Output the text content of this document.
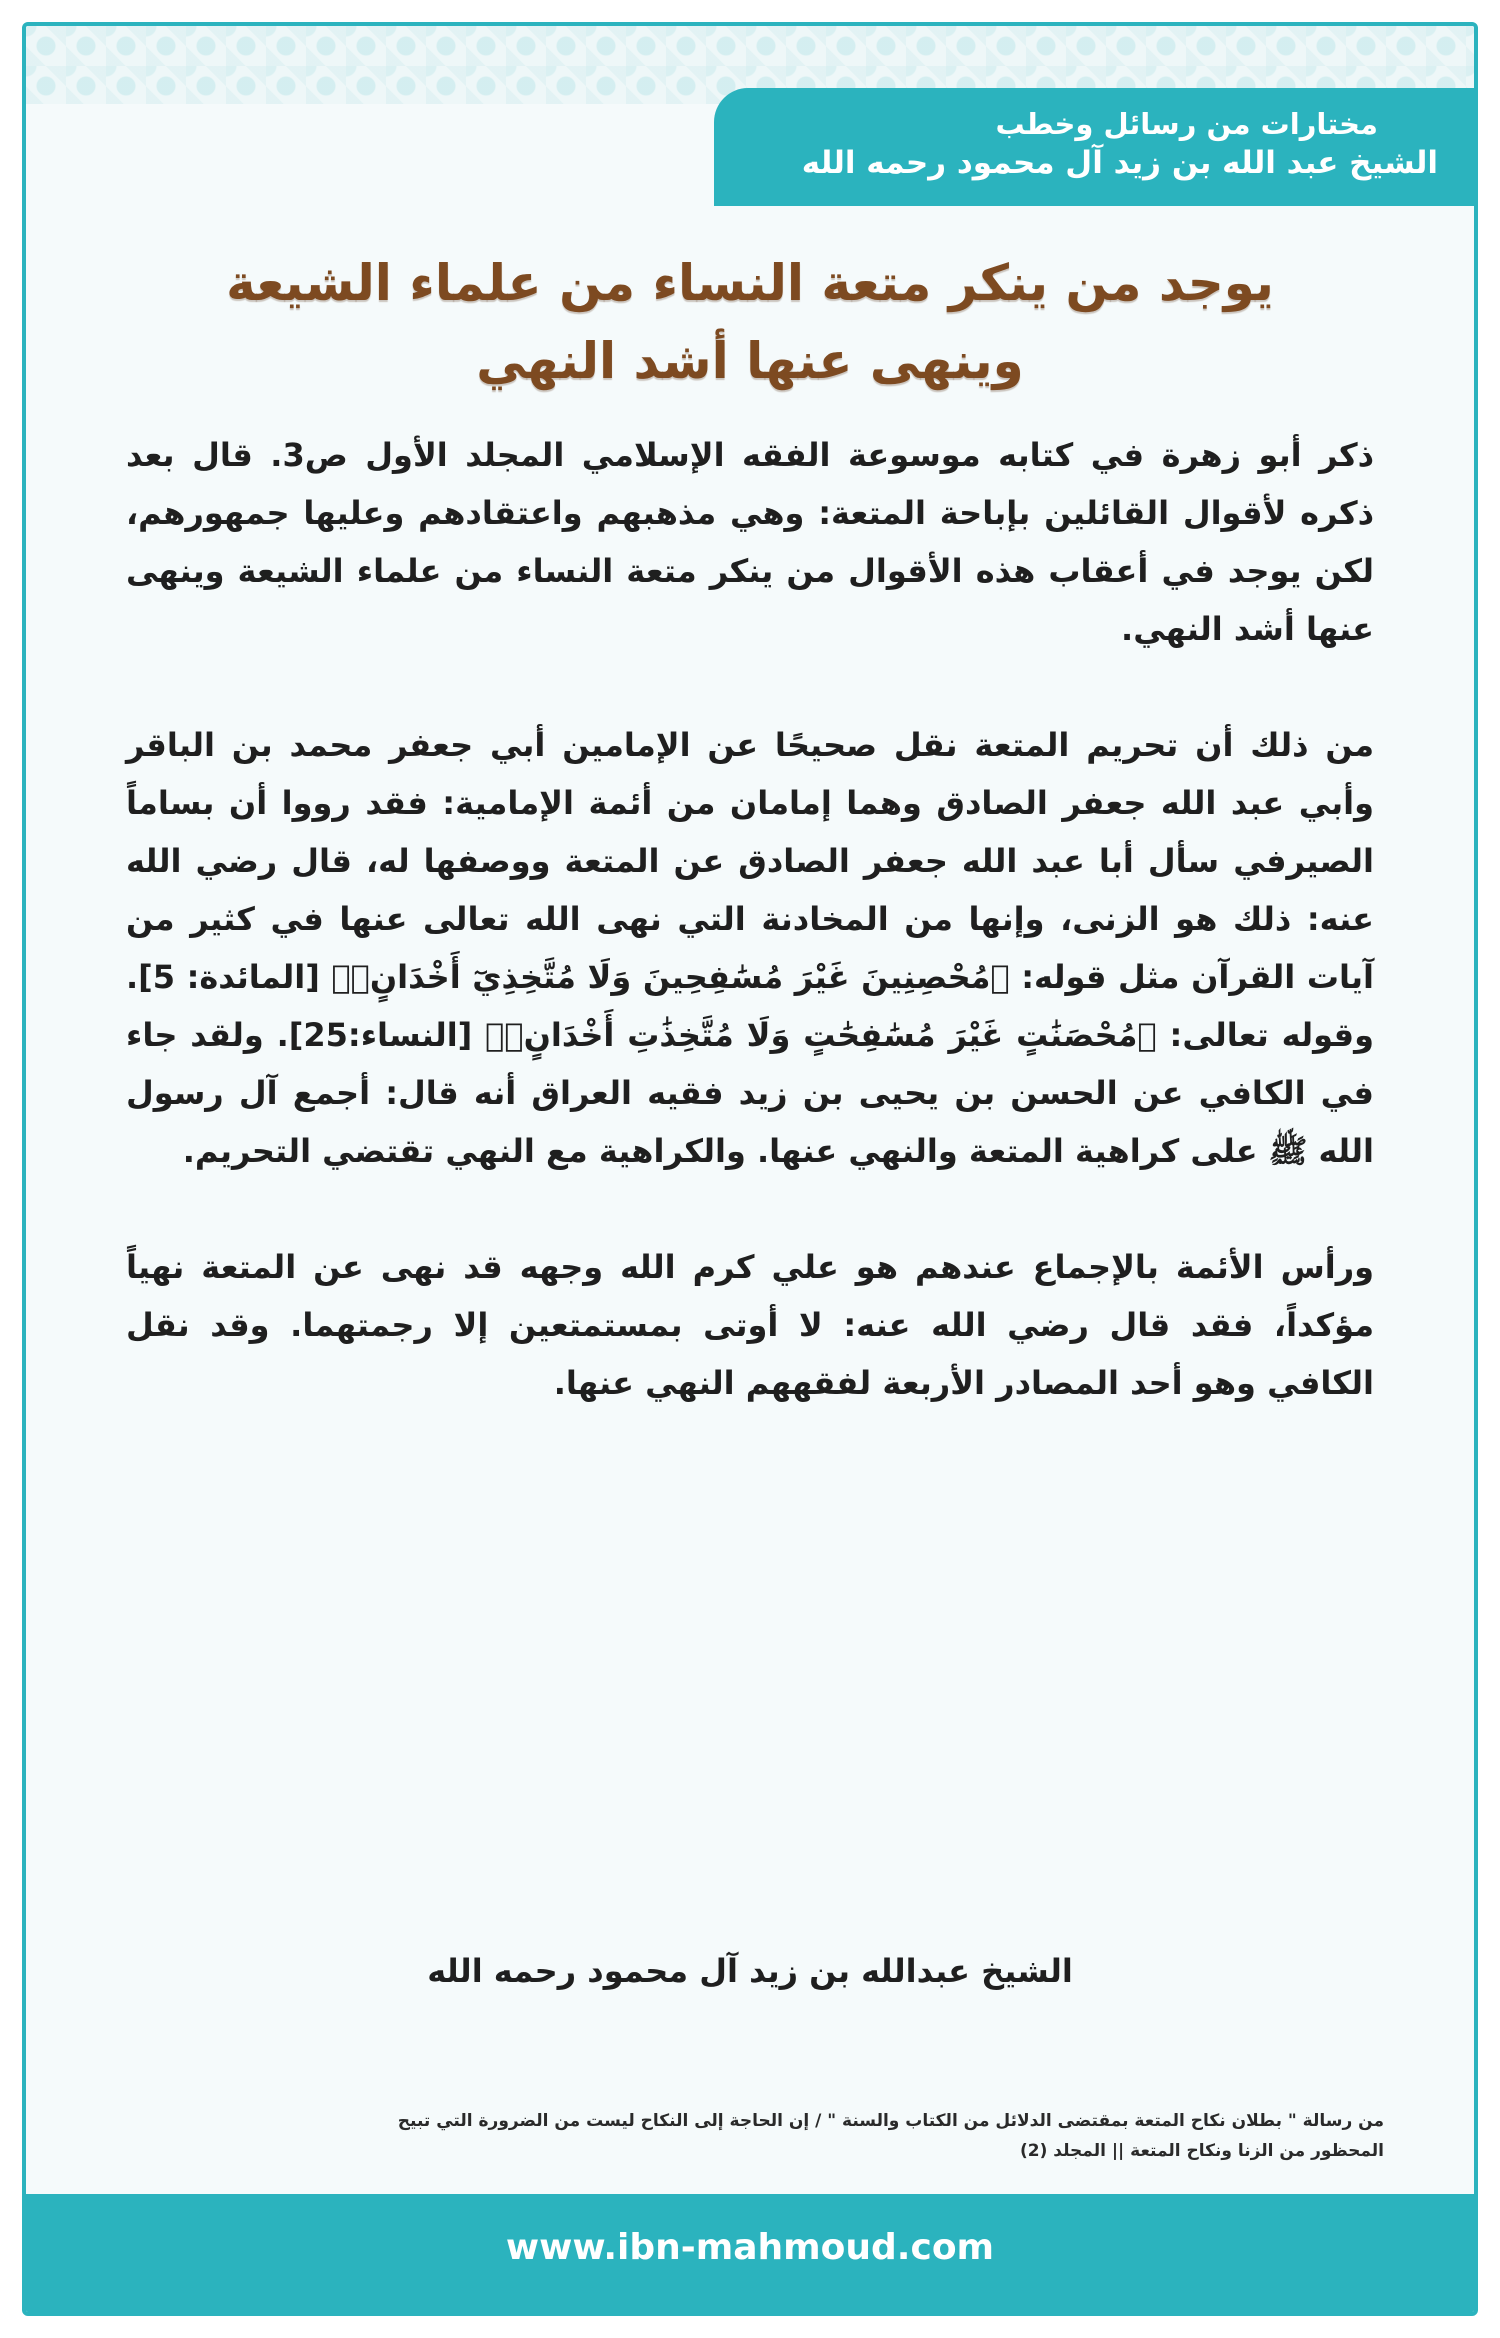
مختارات من رسائل وخطب
الشيخ عبد الله بن زيد آل محمود رحمه الله
يوجد من ينكر متعة النساء من علماء الشيعة
وينهى عنها أشد النهي

ذكر أبو زهرة في كتابه موسوعة الفقه الإسلامي المجلد الأول ص3. قال بعد ذكره لأقوال القائلين بإباحة المتعة: وهي مذهبهم واعتقادهم وعليها جمهورهم، لكن يوجد في أعقاب هذه الأقوال من ينكر متعة النساء من علماء الشيعة وينهى عنها أشد النهي.

من ذلك أن تحريم المتعة نقل صحيحًا عن الإمامين أبي جعفر محمد بن الباقر وأبي عبد الله جعفر الصادق وهما إمامان من أئمة الإمامية: فقد رووا أن بساماً الصيرفي سأل أبا عبد الله جعفر الصادق عن المتعة ووصفها له، قال رضي الله عنه: ذلك هو الزنى، وإنها من المخادنة التي نهى الله تعالى عنها في كثير من آيات القرآن مثل قوله: ﴿مُحْصِنِينَ غَيْرَ مُسَٰفِحِينَ وَلَا مُتَّخِذِيٓ أَخْدَانٍۗ﴾ [المائدة: 5]. وقوله تعالى: ﴿مُحْصَنَٰتٍ غَيْرَ مُسَٰفِحَٰتٍ وَلَا مُتَّخِذَٰتِ أَخْدَانٍۚ﴾ [النساء:25]. ولقد جاء في الكافي عن الحسن بن يحيى بن زيد فقيه العراق أنه قال: أجمع آل رسول الله ﷺ على كراهية المتعة والنهي عنها. والكراهية مع النهي تقتضي التحريم.

ورأس الأئمة بالإجماع عندهم هو علي كرم الله وجهه قد نهى عن المتعة نهياً مؤكداً، فقد قال رضي الله عنه: لا أوتى بمستمتعين إلا رجمتهما. وقد نقل الكافي وهو أحد المصادر الأربعة لفقههم النهي عنها.

الشيخ عبدالله بن زيد آل محمود رحمه الله
من رسالة " بطلان نكاح المتعة بمقتضى الدلائل من الكتاب والسنة " / إن الحاجة إلى النكاح ليست من الضرورة التي تبيح
المحظور من الزنا ونكاح المتعة || المجلد (2)
www.ibn-mahmoud.com
